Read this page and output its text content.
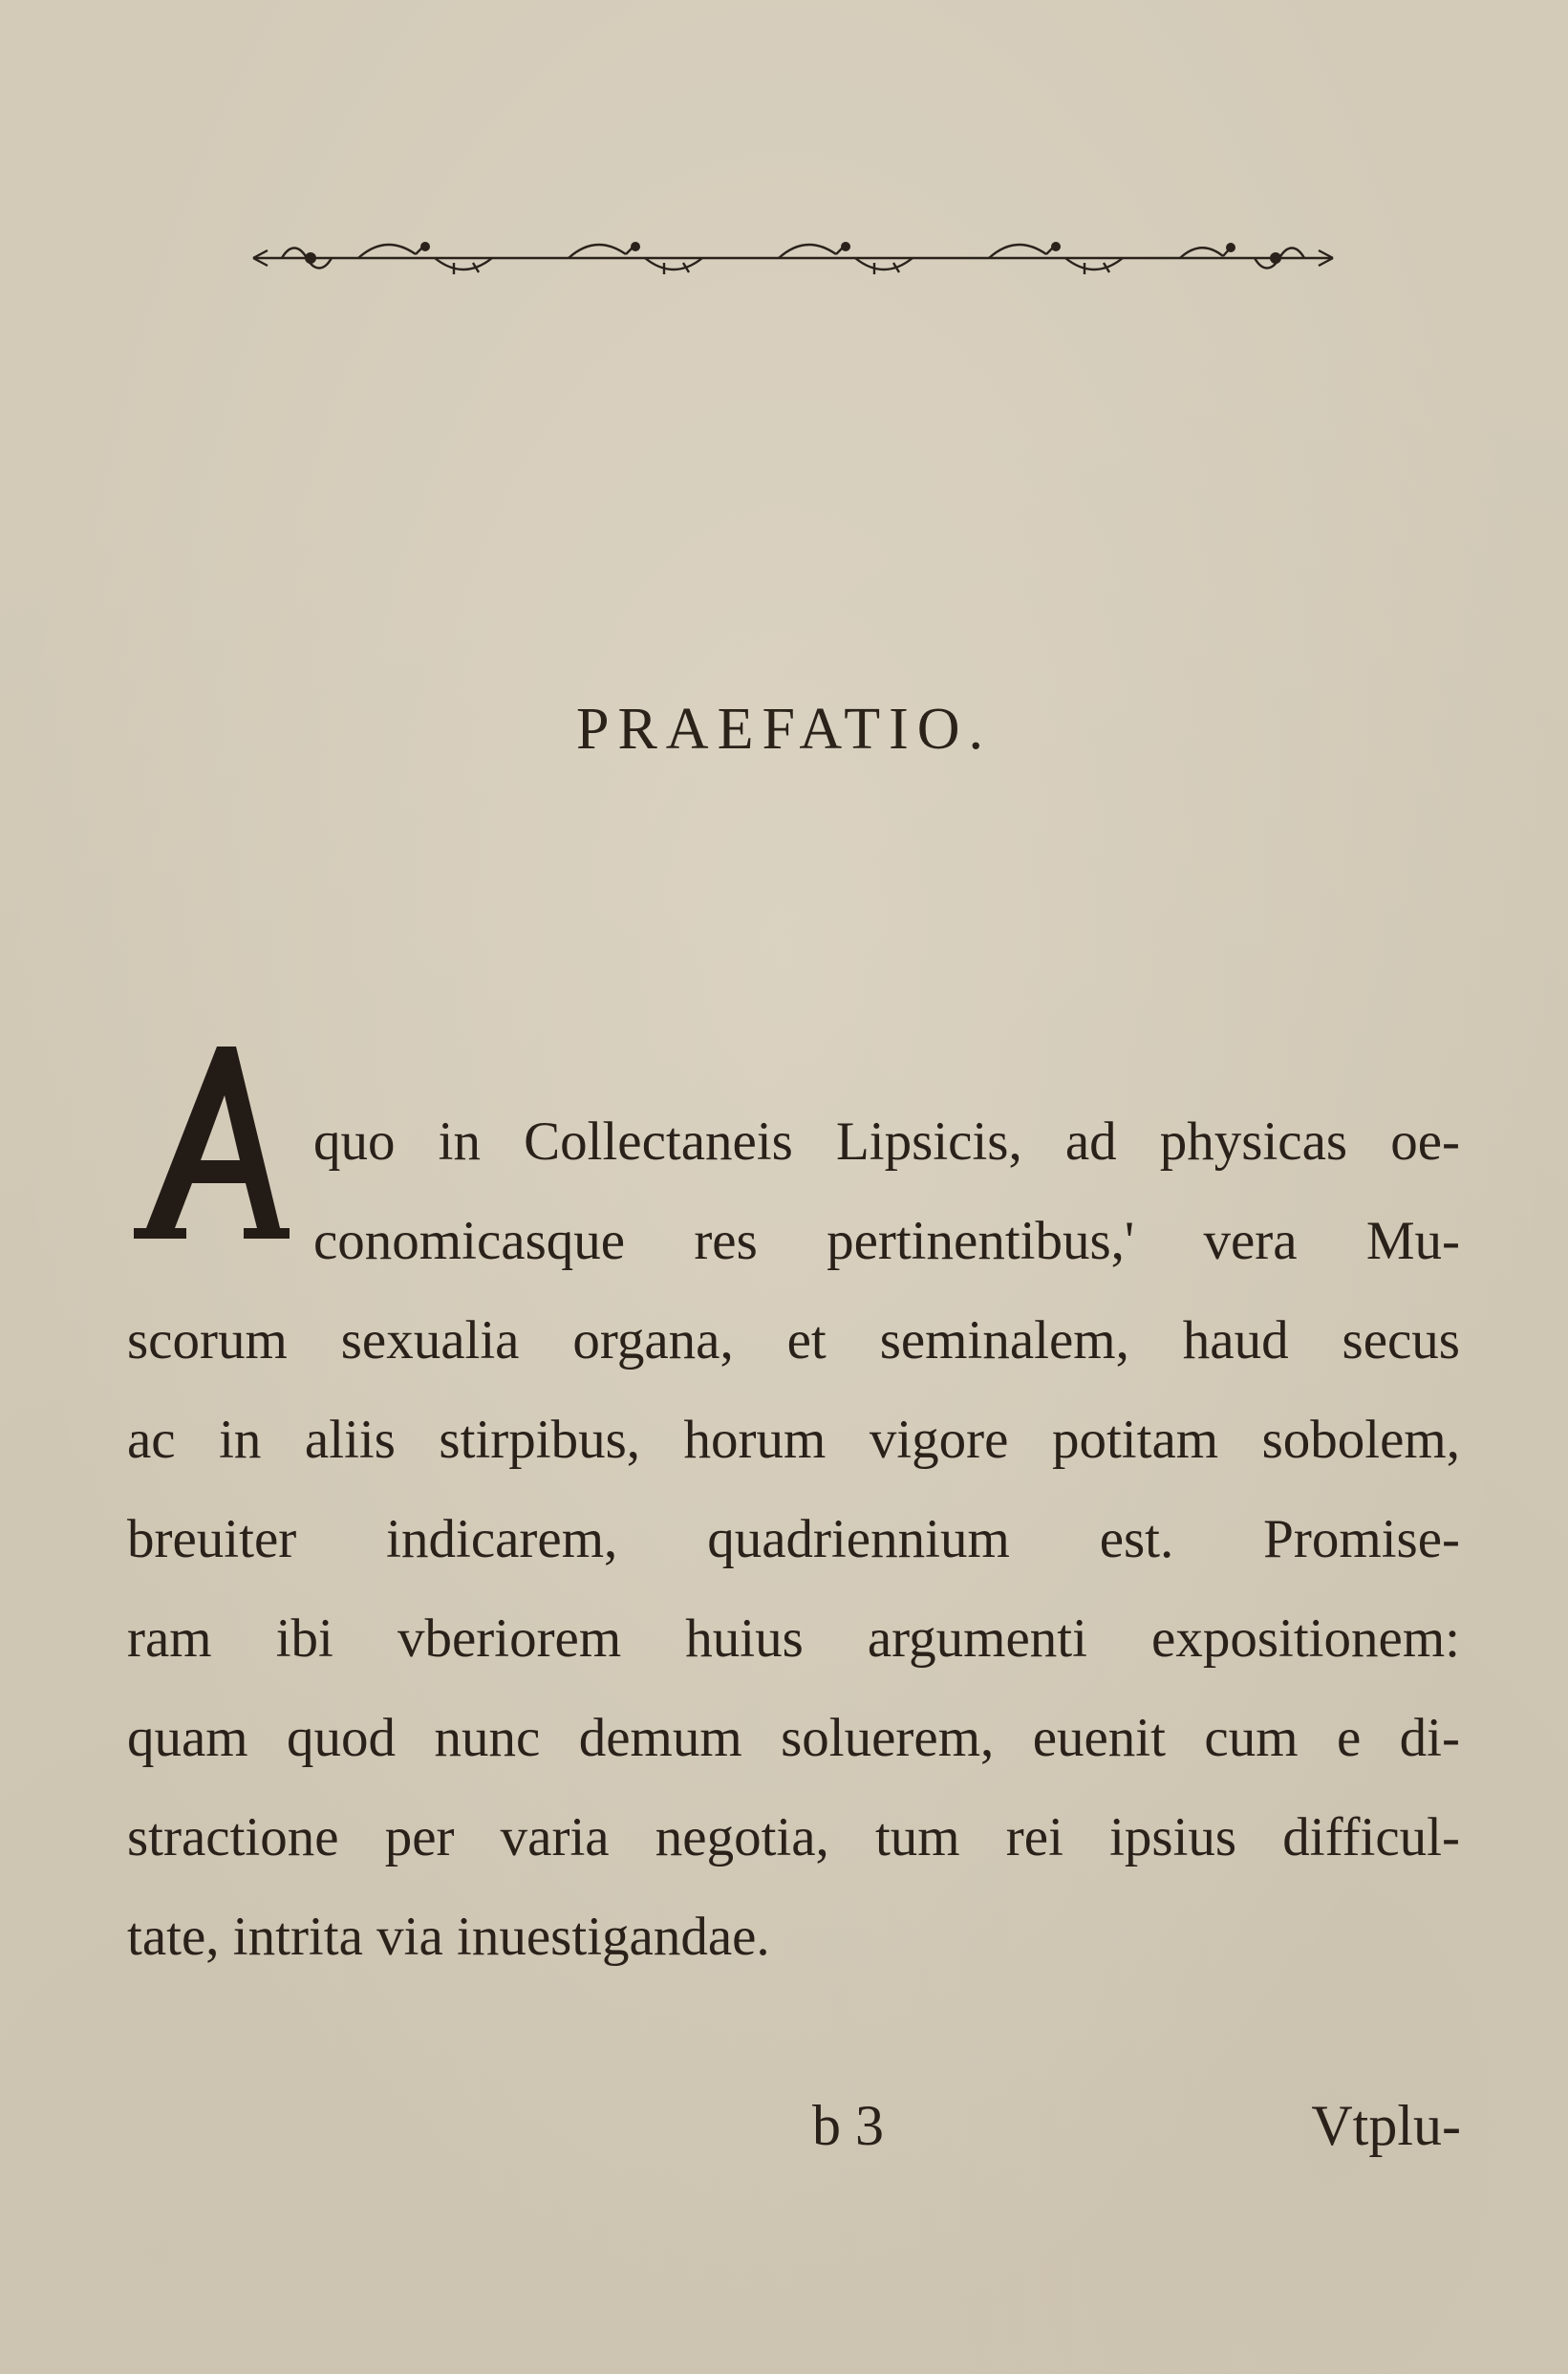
PRAEFATIO.
quo in Collectaneis Lipsicis, ad physicas oe-
conomicasque res pertinentibus,' vera Mu-
scorum sexualia organa, et seminalem, haud secus
ac in aliis stirpibus, horum vigore potitam sobolem,
breuiter indicarem, quadriennium est. Promise-
ram ibi vberiorem huius argumenti expositionem:
quam quod nunc demum soluerem, euenit cum e di-
stractione per varia negotia, tum rei ipsius difficul-
tate, intrita via inuestigandae.
b 3	Vtplu-
